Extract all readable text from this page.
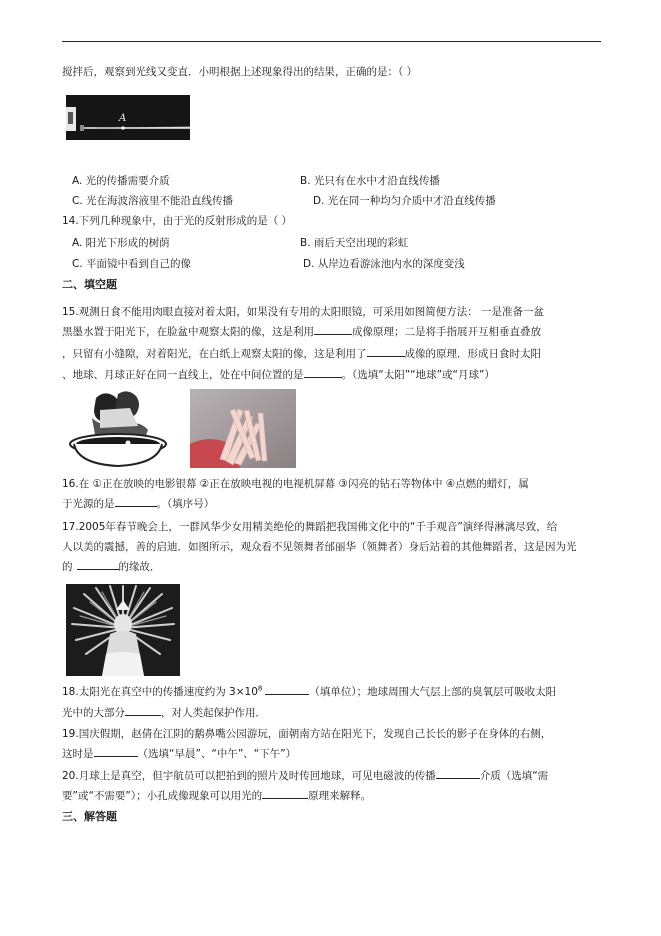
搅拌后，观察到光线又变直．小明根据上述现象得出的结果，正确的是：（ ）
A
A. 光的传播需要介质	B. 光只有在水中才沿直线传播
C. 光在海波溶液里不能沿直线传播	D. 光在同一种均匀介质中才沿直线传播
14.下列几种现象中，由于光的反射形成的是（ ）
A. 阳光下形成的树荫	B. 雨后天空出现的彩虹
C. 平面镜中看到自己的像	D. 从岸边看游泳池内水的深度变浅
二、填空题
15.观测日食不能用肉眼直接对着太阳，如果没有专用的太阳眼镜，可采用如图简便方法： 一是准备一盆
黑墨水置于阳光下，在脸盆中观察太阳的像，这是利用	成像原理；二是将手指展开互相垂直叠放
，只留有小缝隙，对着阳光，在白纸上观察太阳的像，这是利用了	成像的原理．形成日食时太阳
、地球、月球正好在同一直线上，处在中间位置的是	。（选填“太阳”“地球”或“月球”）
16.在 ①正在放映的电影银幕 ②正在放映电视的电视机屏幕 ③闪亮的钻石等物体中 ④点燃的蜡灯，属
于光源的是	。（填序号）
17.2005年春节晚会上，一群风华少女用精美绝伦的舞蹈把我国佛文化中的“千手观音”演绎得淋漓尽致，给
人以美的震撼，善的启迪．如图所示，观众看不见领舞者邰丽华（领舞者）身后站着的其他舞蹈者，这是因为光
的	的缘故．
18.太阳光在真空中的传播速度约为 $3\times 10^8$	（填单位）；地球周围大气层上部的臭氧层可吸收太阳
光中的大部分	，对人类起保护作用．
19.国庆假期，赵倩在江阴的鹅鼻嘴公园游玩，面朝南方站在阳光下，发现自己长长的影子在身体的右侧，
这时是	（选填“早晨”、“中午”、“下午”）
20.月球上是真空，但宇航员可以把拍到的照片及时传回地球，可见电磁波的传播	介质（选填“需
要”或“不需要”）；小孔成像现象可以用光的	原理来解释。
三、解答题
